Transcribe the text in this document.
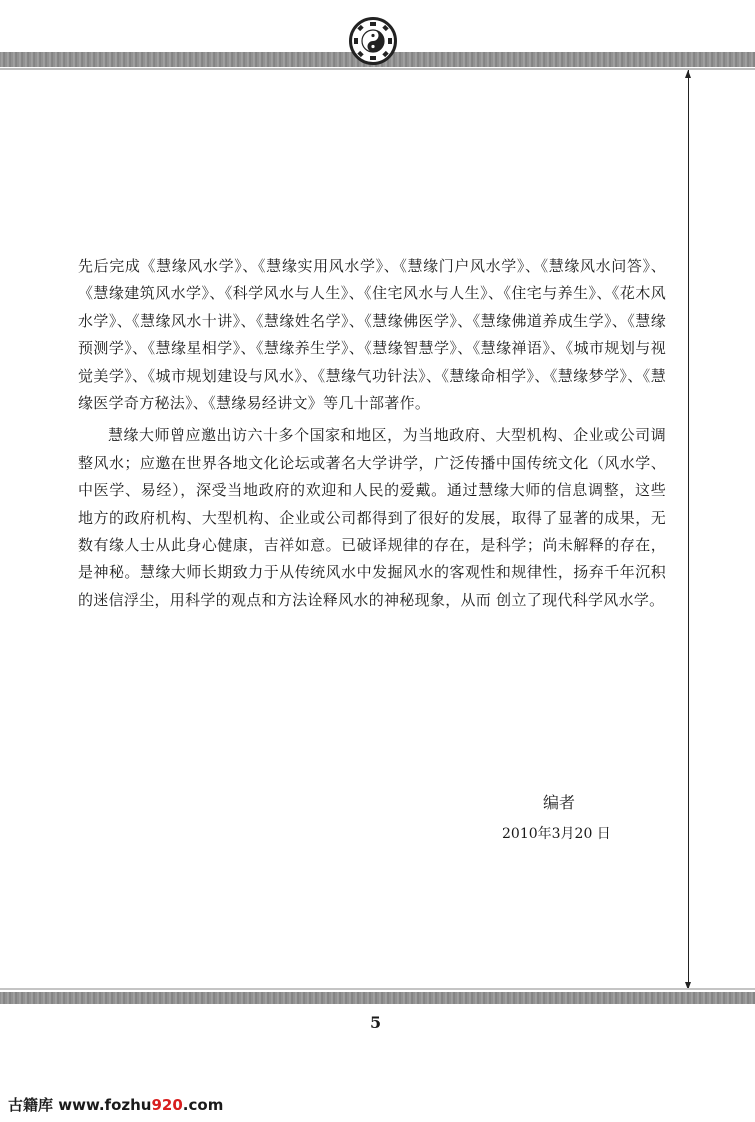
先后完成《慧缘风水学》、《慧缘实用风水学》、《慧缘门户风水学》、《慧缘风水问答》、《慧缘建筑风水学》、《科学风水与人生》、《住宅风水与人生》、《住宅与养生》、《花木风水学》、《慧缘风水十讲》、《慧缘姓名学》、《慧缘佛医学》、《慧缘佛道养成生学》、《慧缘预测学》、《慧缘星相学》、《慧缘养生学》、《慧缘智慧学》、《慧缘禅语》、《城市规划与视觉美学》、《城市规划建设与风水》、《慧缘气功针法》、《慧缘命相学》、《慧缘梦学》、《慧缘医学奇方秘法》、《慧缘易经讲文》等几十部著作。

慧缘大师曾应邀出访六十多个国家和地区，为当地政府、大型机构、企业或公司调整风水；应邀在世界各地文化论坛或著名大学讲学，广泛传播中国传统文化（风水学、中医学、易经），深受当地政府的欢迎和人民的爱戴。通过慧缘大师的信息调整，这些地方的政府机构、大型机构、企业或公司都得到了很好的发展，取得了显著的成果，无数有缘人士从此身心健康，吉祥如意。已破译规律的存在，是科学；尚未解释的存在，是神秘。慧缘大师长期致力于从传统风水中发掘风水的客观性和规律性，扬弃千年沉积的迷信浮尘，用科学的观点和方法诠释风水的神秘现象，从而 创立了现代科学风水学。

编者
2010年3月20 日
5
古籍库 www.fozhu920.com
